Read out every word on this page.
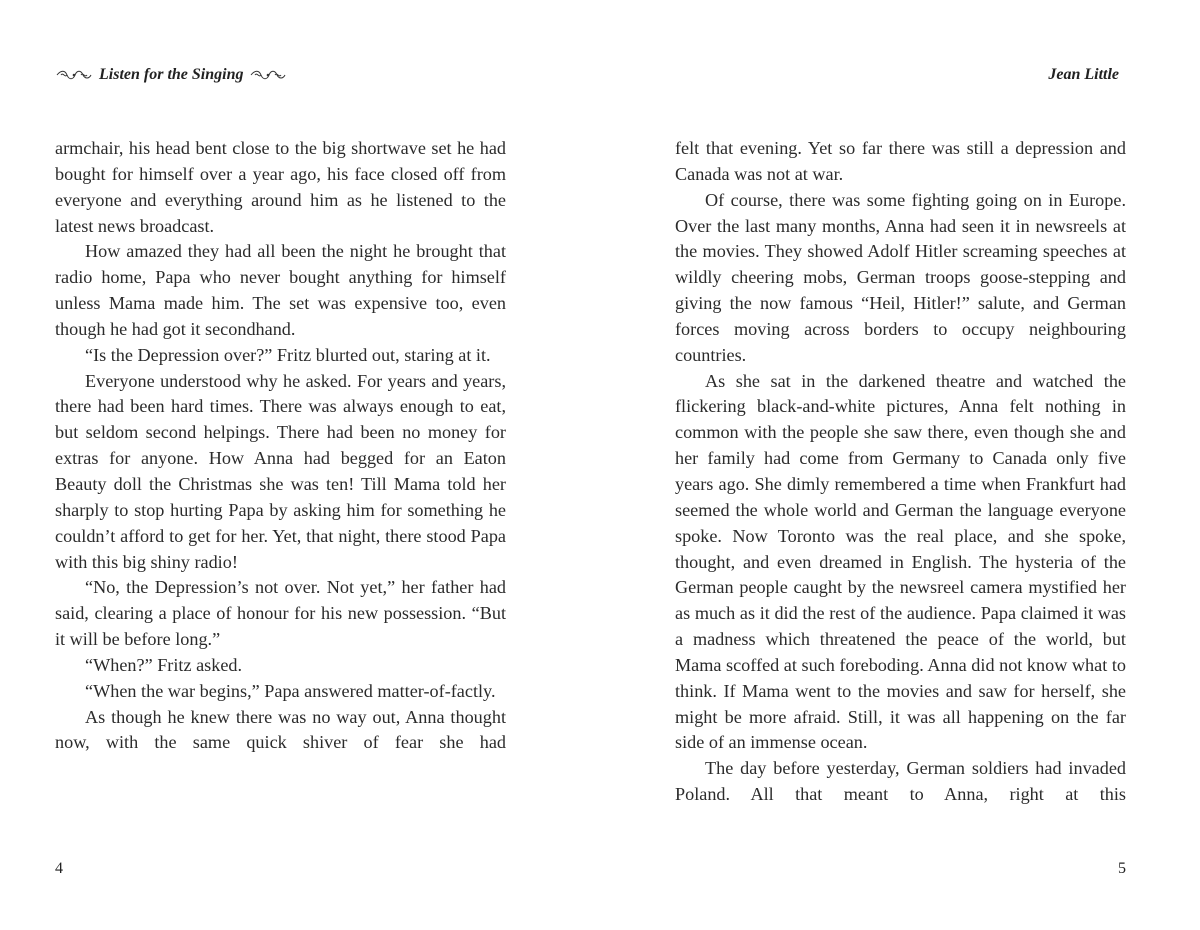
Listen for the Singing

armchair, his head bent close to the big shortwave set he had bought for himself over a year ago, his face closed off from everyone and everything around him as he listened to the latest news broadcast.

How amazed they had all been the night he brought that radio home, Papa who never bought anything for himself unless Mama made him. The set was expensive too, even though he had got it secondhand.

“Is the Depression over?” Fritz blurted out, staring at it.

Everyone understood why he asked. For years and years, there had been hard times. There was always enough to eat, but seldom second helpings. There had been no money for extras for anyone. How Anna had begged for an Eaton Beauty doll the Christmas she was ten! Till Mama told her sharply to stop hurting Papa by asking him for something he couldn’t afford to get for her. Yet, that night, there stood Papa with this big shiny radio!

“No, the Depression’s not over. Not yet,” her father had said, clearing a place of honour for his new possession. “But it will be before long.”

“When?” Fritz asked.

“When the war begins,” Papa answered matter-of-factly.

As though he knew there was no way out, Anna thought now, with the same quick shiver of fear she had

4
Jean Little

felt that evening. Yet so far there was still a depression and Canada was not at war.

Of course, there was some fighting going on in Europe. Over the last many months, Anna had seen it in newsreels at the movies. They showed Adolf Hitler screaming speeches at wildly cheering mobs, German troops goose-stepping and giving the now famous “Heil, Hitler!” salute, and German forces moving across borders to occupy neighbouring countries.

As she sat in the darkened theatre and watched the flickering black-and-white pictures, Anna felt nothing in common with the people she saw there, even though she and her family had come from Germany to Canada only five years ago. She dimly remembered a time when Frankfurt had seemed the whole world and German the language everyone spoke. Now Toronto was the real place, and she spoke, thought, and even dreamed in English. The hysteria of the German people caught by the newsreel camera mystified her as much as it did the rest of the audience. Papa claimed it was a madness which threatened the peace of the world, but Mama scoffed at such foreboding. Anna did not know what to think. If Mama went to the movies and saw for herself, she might be more afraid. Still, it was all happening on the far side of an immense ocean.

The day before yesterday, German soldiers had invaded Poland. All that meant to Anna, right at this

5
